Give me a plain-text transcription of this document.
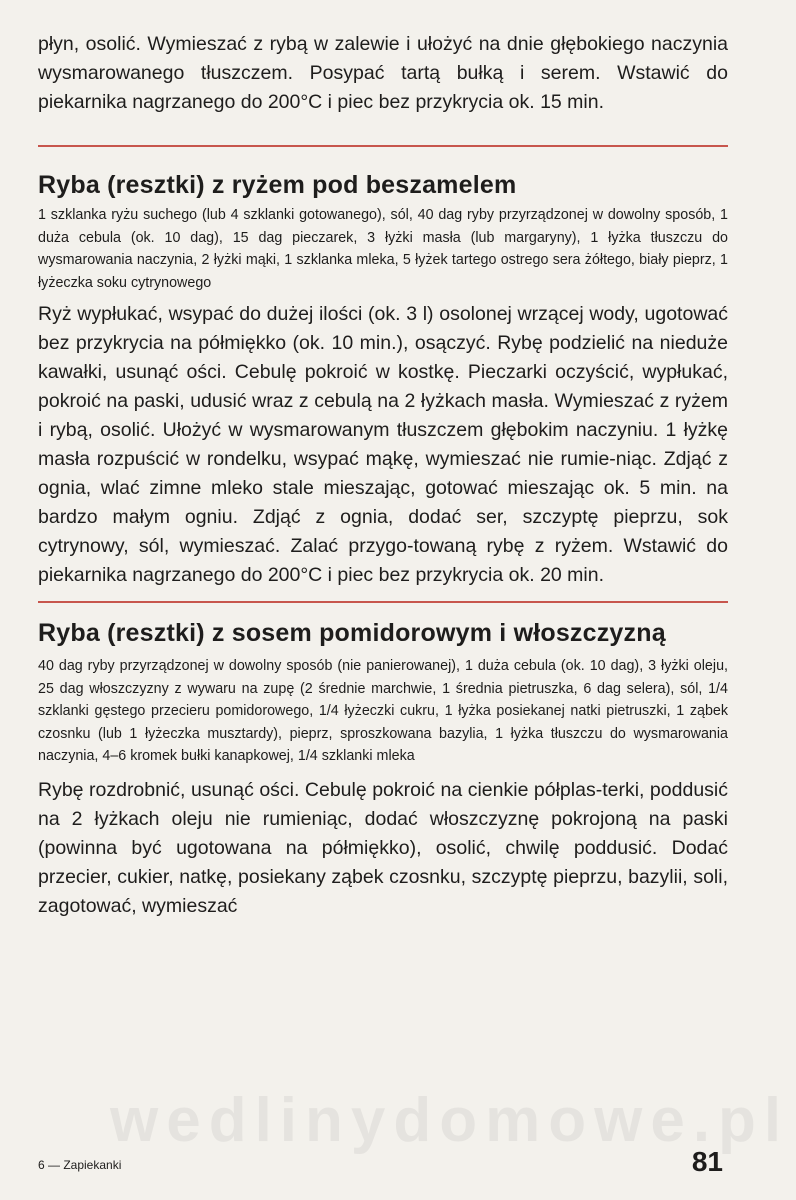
wedlinydomowe.pl

płyn, osolić. Wymieszać z rybą w zalewie i ułożyć na dnie głębokiego naczynia wysmarowanego tłuszczem. Posypać tartą bułką i serem. Wstawić do piekarnika nagrzanego do 200°C i piec bez przykrycia ok. 15 min.

Ryba (resztki) z ryżem pod beszamelem

1 szklanka ryżu suchego (lub 4 szklanki gotowanego), sól, 40 dag ryby przyrządzonej w dowolny sposób, 1 duża cebula (ok. 10 dag), 15 dag pieczarek, 3 łyżki masła (lub margaryny), 1 łyżka tłuszczu do wysmarowania naczynia, 2 łyżki mąki, 1 szklanka mleka, 5 łyżek tartego ostrego sera żółtego, biały pieprz, 1 łyżeczka soku cytrynowego

Ryż wypłukać, wsypać do dużej ilości (ok. 3 l) osolonej wrzącej wody, ugotować bez przykrycia na półmiękko (ok. 10 min.), osączyć. Rybę podzielić na nieduże kawałki, usunąć ości. Cebulę pokroić w kostkę. Pieczarki oczyścić, wypłukać, pokroić na paski, udusić wraz z cebulą na 2 łyżkach masła. Wymieszać z ryżem i rybą, osolić. Ułożyć w wysmarowanym tłuszczem głębokim naczyniu. 1 łyżkę masła rozpuścić w rondelku, wsypać mąkę, wymieszać nie rumie-niąc. Zdjąć z ognia, wlać zimne mleko stale mieszając, gotować mieszając ok. 5 min. na bardzo małym ogniu. Zdjąć z ognia, dodać ser, szczyptę pieprzu, sok cytrynowy, sól, wymieszać. Zalać przygo-towaną rybę z ryżem. Wstawić do piekarnika nagrzanego do 200°C i piec bez przykrycia ok. 20 min.

Ryba (resztki) z sosem pomidorowym i włoszczyzną

40 dag ryby przyrządzonej w dowolny sposób (nie panierowanej), 1 duża cebula (ok. 10 dag), 3 łyżki oleju, 25 dag włoszczyzny z wywaru na zupę (2 średnie marchwie, 1 średnia pietruszka, 6 dag selera), sól, 1/4 szklanki gęstego przecieru pomidorowego, 1/4 łyżeczki cukru, 1 łyżka posiekanej natki pietruszki, 1 ząbek czosnku (lub 1 łyżeczka musztardy), pieprz, sproszkowana bazylia, 1 łyżka tłuszczu do wysmarowania naczynia, 4–6 kromek bułki kanapkowej, 1/4 szklanki mleka

Rybę rozdrobnić, usunąć ości. Cebulę pokroić na cienkie półplas-terki, poddusić na 2 łyżkach oleju nie rumieniąc, dodać włoszczyznę pokrojoną na paski (powinna być ugotowana na półmiękko), osolić, chwilę poddusić. Dodać przecier, cukier, natkę, posiekany ząbek czosnku, szczyptę pieprzu, bazylii, soli, zagotować, wymieszać

6 — Zapiekanki	81
